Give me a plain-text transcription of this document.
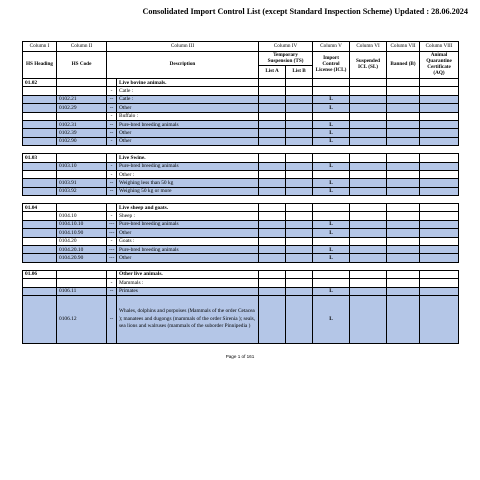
Consolidated Import Control List (except Standard Inspection Scheme) Updated : 28.06.2024
Column I	Column II	Column III		Column IV		Column V	Column VI	Column VII	Column VIII
HS Heading	HS Code	Description		Temporary Suspension (TS)		Import Control License (ICL)	Suspended ICL (SL)	Banned (B)	Animal Quarantine Certificate (AQ)
				List A	List B				
01.02			Live bovine animals.						
		-	Catle :						
	0102.21	--	Catle :			L			
	0102.29	--	Other			L			
		-	Buffalo :						
	0102.31	--	Pure-bred breeding animals			L			
	0102.39	--	Other			L			
	0102.90	-	Other			L			

01.03			Live Swine.						
	0103.10	-	Pure-bred breeding animals			L			
		-	Other :						
	0103.91	--	Weighing less than 50 kg			L			
	0103.92	--	Weighing 50 kg or more			L			

01.04			Live sheep and goats.						
	0104.10	-	Sheep :						
	0104.10.10	---	Pure-bred breeding animals			L			
	0104.10.90	---	Other			L			
	0104.20	-	Goats :						
	0104.20.10	---	Pure-bred breeding animals			L			
	0104.20.90	---	Other			L			

01.06			Other live animals.						
		-	Mammals :						
	0106.11	--	Primates			L			
	0106.12	--	Whales, dolphins and porpoises (Mammals of the order Cetacea ); manatees and dugongs (mammals of the order Sirenia ); seals, sea lions and walruses (mammals of the suborder Pinnipedia )			L			
Page 1 of 161
